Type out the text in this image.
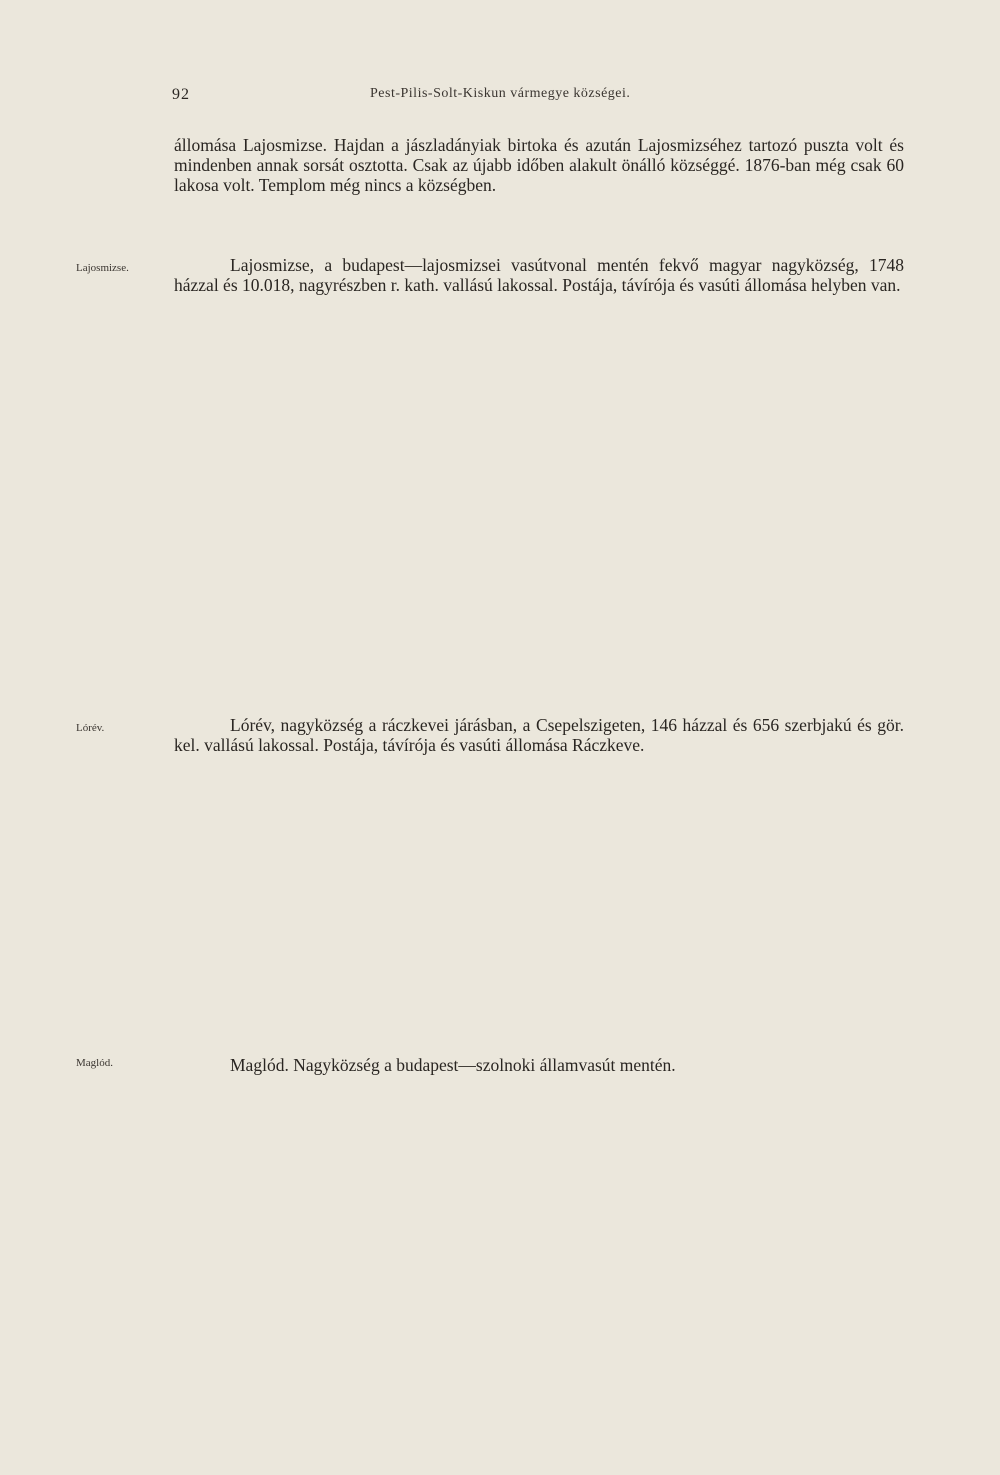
92	Pest-Pilis-Solt-Kiskun vármegye községei.
Lajosmizse.
Lórév.
Maglód.

állomása Lajosmizse. Hajdan a jászladányiak birtoka és azután Lajosmizséhez tartozó puszta volt és mindenben annak sorsát osztotta. Csak az újabb időben alakult önálló községgé. 1876-ban még csak 60 lakosa volt. Templom még nincs a községben.

Lajosmizse, a budapest—lajosmizsei vasútvonal mentén fekvő magyar nagyközség, 1748 házzal és 10.018, nagyrészben r. kath. vallású lakossal. Postája, távírója és vasúti állomása helyben van.

Lórév, nagyközség a ráczkevei járásban, a Csepelszigeten, 146 házzal és 656 szerbjakú és gör. kel. vallású lakossal. Postája, távírója és vasúti állomása Ráczkeve.

Maglód. Nagyközség a budapest—szolnoki államvasút mentén.
